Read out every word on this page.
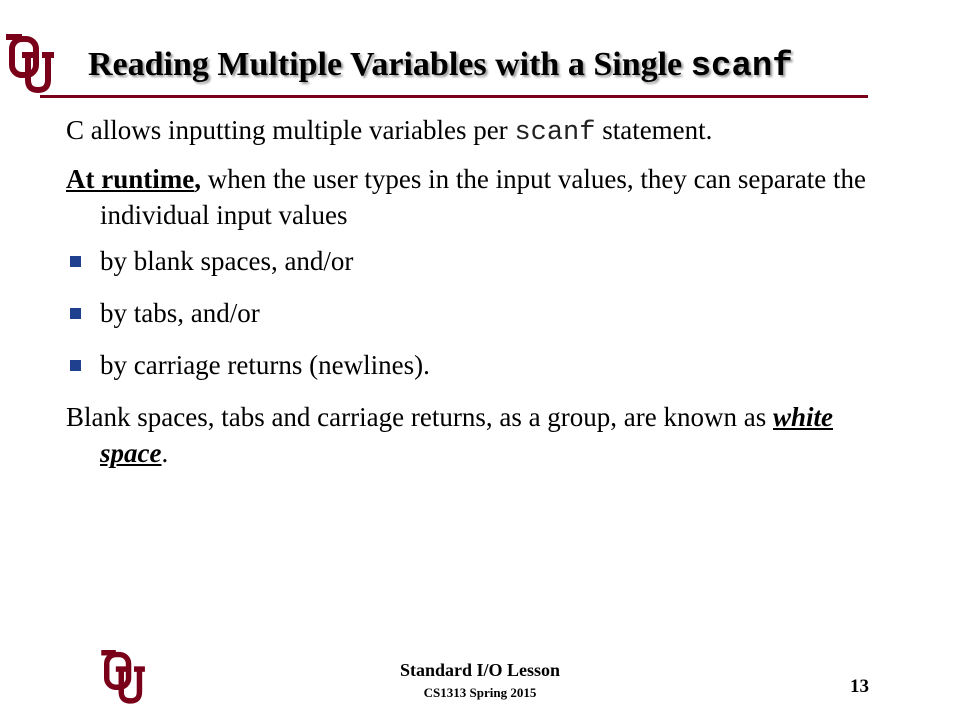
Reading Multiple Variables with a Single scanf

C allows inputting multiple variables per scanf statement.

At runtime, when the user types in the input values, they can separate the individual input values

by blank spaces, and/or
by tabs, and/or
by carriage returns (newlines).

Blank spaces, tabs and carriage returns, as a group, are known as white space.

Standard I/O Lesson
CS1313 Spring 2015	13
